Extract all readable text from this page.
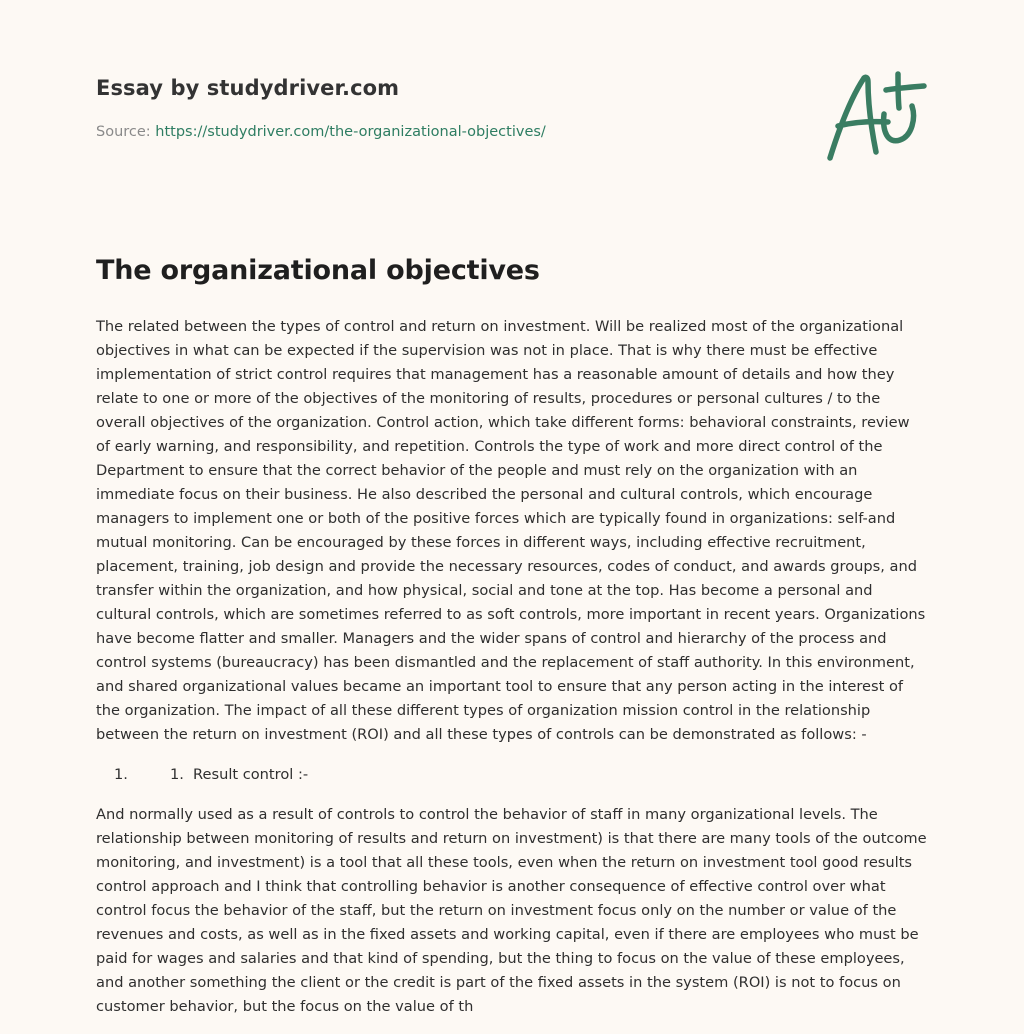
Essay by studydriver.com
Source: https://studydriver.com/the-organizational-objectives/
The organizational objectives

The related between the types of control and return on investment. Will be realized most of the organizational objectives in what can be expected if the supervision was not in place. That is why there must be effective implementation of strict control requires that management has a reasonable amount of details and how they relate to one or more of the objectives of the monitoring of results, procedures or personal cultures / to the overall objectives of the organization. Control action, which take different forms: behavioral constraints, review of early warning, and responsibility, and repetition. Controls the type of work and more direct control of the Department to ensure that the correct behavior of the people and must rely on the organization with an immediate focus on their business. He also described the personal and cultural controls, which encourage managers to implement one or both of the positive forces which are typically found in organizations: self-and mutual monitoring. Can be encouraged by these forces in different ways, including effective recruitment, placement, training, job design and provide the necessary resources, codes of conduct, and awards groups, and transfer within the organization, and how physical, social and tone at the top. Has become a personal and cultural controls, which are sometimes referred to as soft controls, more important in recent years. Organizations have become flatter and smaller. Managers and the wider spans of control and hierarchy of the process and control systems (bureaucracy) has been dismantled and the replacement of staff authority. In this environment, and shared organizational values became an important tool to ensure that any person acting in the interest of the organization. The impact of all these different types of organization mission control in the relationship between the return on investment (ROI) and all these types of controls can be demonstrated as follows: -

1.	1. Result control :-

And normally used as a result of controls to control the behavior of staff in many organizational levels. The relationship between monitoring of results and return on investment) is that there are many tools of the outcome monitoring, and investment) is a tool that all these tools, even when the return on investment tool good results control approach and I think that controlling behavior is another consequence of effective control over what control focus the behavior of the staff, but the return on investment focus only on the number or value of the revenues and costs, as well as in the fixed assets and working capital, even if there are employees who must be paid for wages and salaries and that kind of spending, but the thing to focus on the value of these employees, and another something the client or the credit is part of the fixed assets in the system (ROI) is not to focus on customer behavior, but the focus on the value of th
